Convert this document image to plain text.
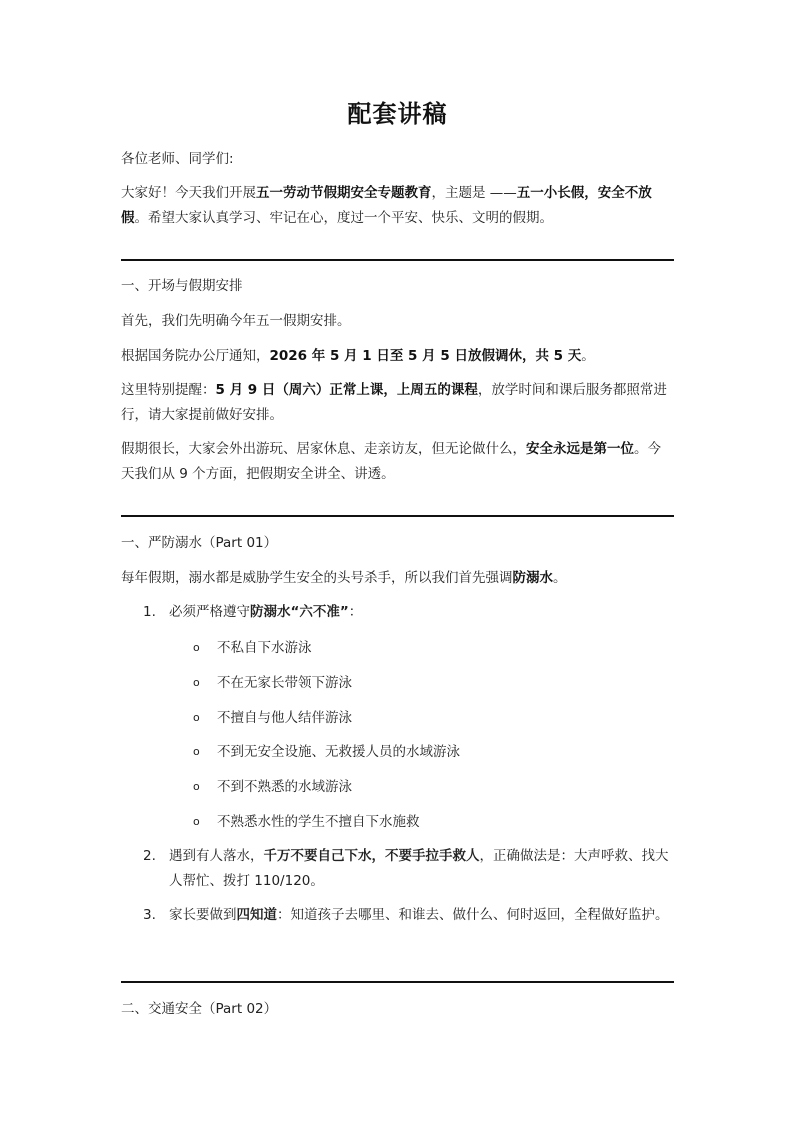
配套讲稿

各位老师、同学们:

大家好！今天我们开展五一劳动节假期安全专题教育，主题是 ——五一小长假，安全不放假。希望大家认真学习、牢记在心，度过一个平安、快乐、文明的假期。

一、开场与假期安排

首先，我们先明确今年五一假期安排。

根据国务院办公厅通知，2026 年 5 月 1 日至 5 月 5 日放假调休，共 5 天。

这里特别提醒：5 月 9 日（周六）正常上课，上周五的课程，放学时间和课后服务都照常进行，请大家提前做好安排。

假期很长，大家会外出游玩、居家休息、走亲访友，但无论做什么，安全永远是第一位。今天我们从 9 个方面，把假期安全讲全、讲透。

一、严防溺水（Part 01）

每年假期，溺水都是威胁学生安全的头号杀手，所以我们首先强调防溺水。

1. 必须严格遵守防溺水“六不准”：

o 不私自下水游泳

o 不在无家长带领下游泳

o 不擅自与他人结伴游泳

o 不到无安全设施、无救援人员的水域游泳

o 不到不熟悉的水域游泳

o 不熟悉水性的学生不擅自下水施救

2. 遇到有人落水，千万不要自己下水，不要手拉手救人，正确做法是：大声呼救、找大人帮忙、拨打 110/120。

3. 家长要做到四知道：知道孩子去哪里、和谁去、做什么、何时返回，全程做好监护。

二、交通安全（Part 02）
